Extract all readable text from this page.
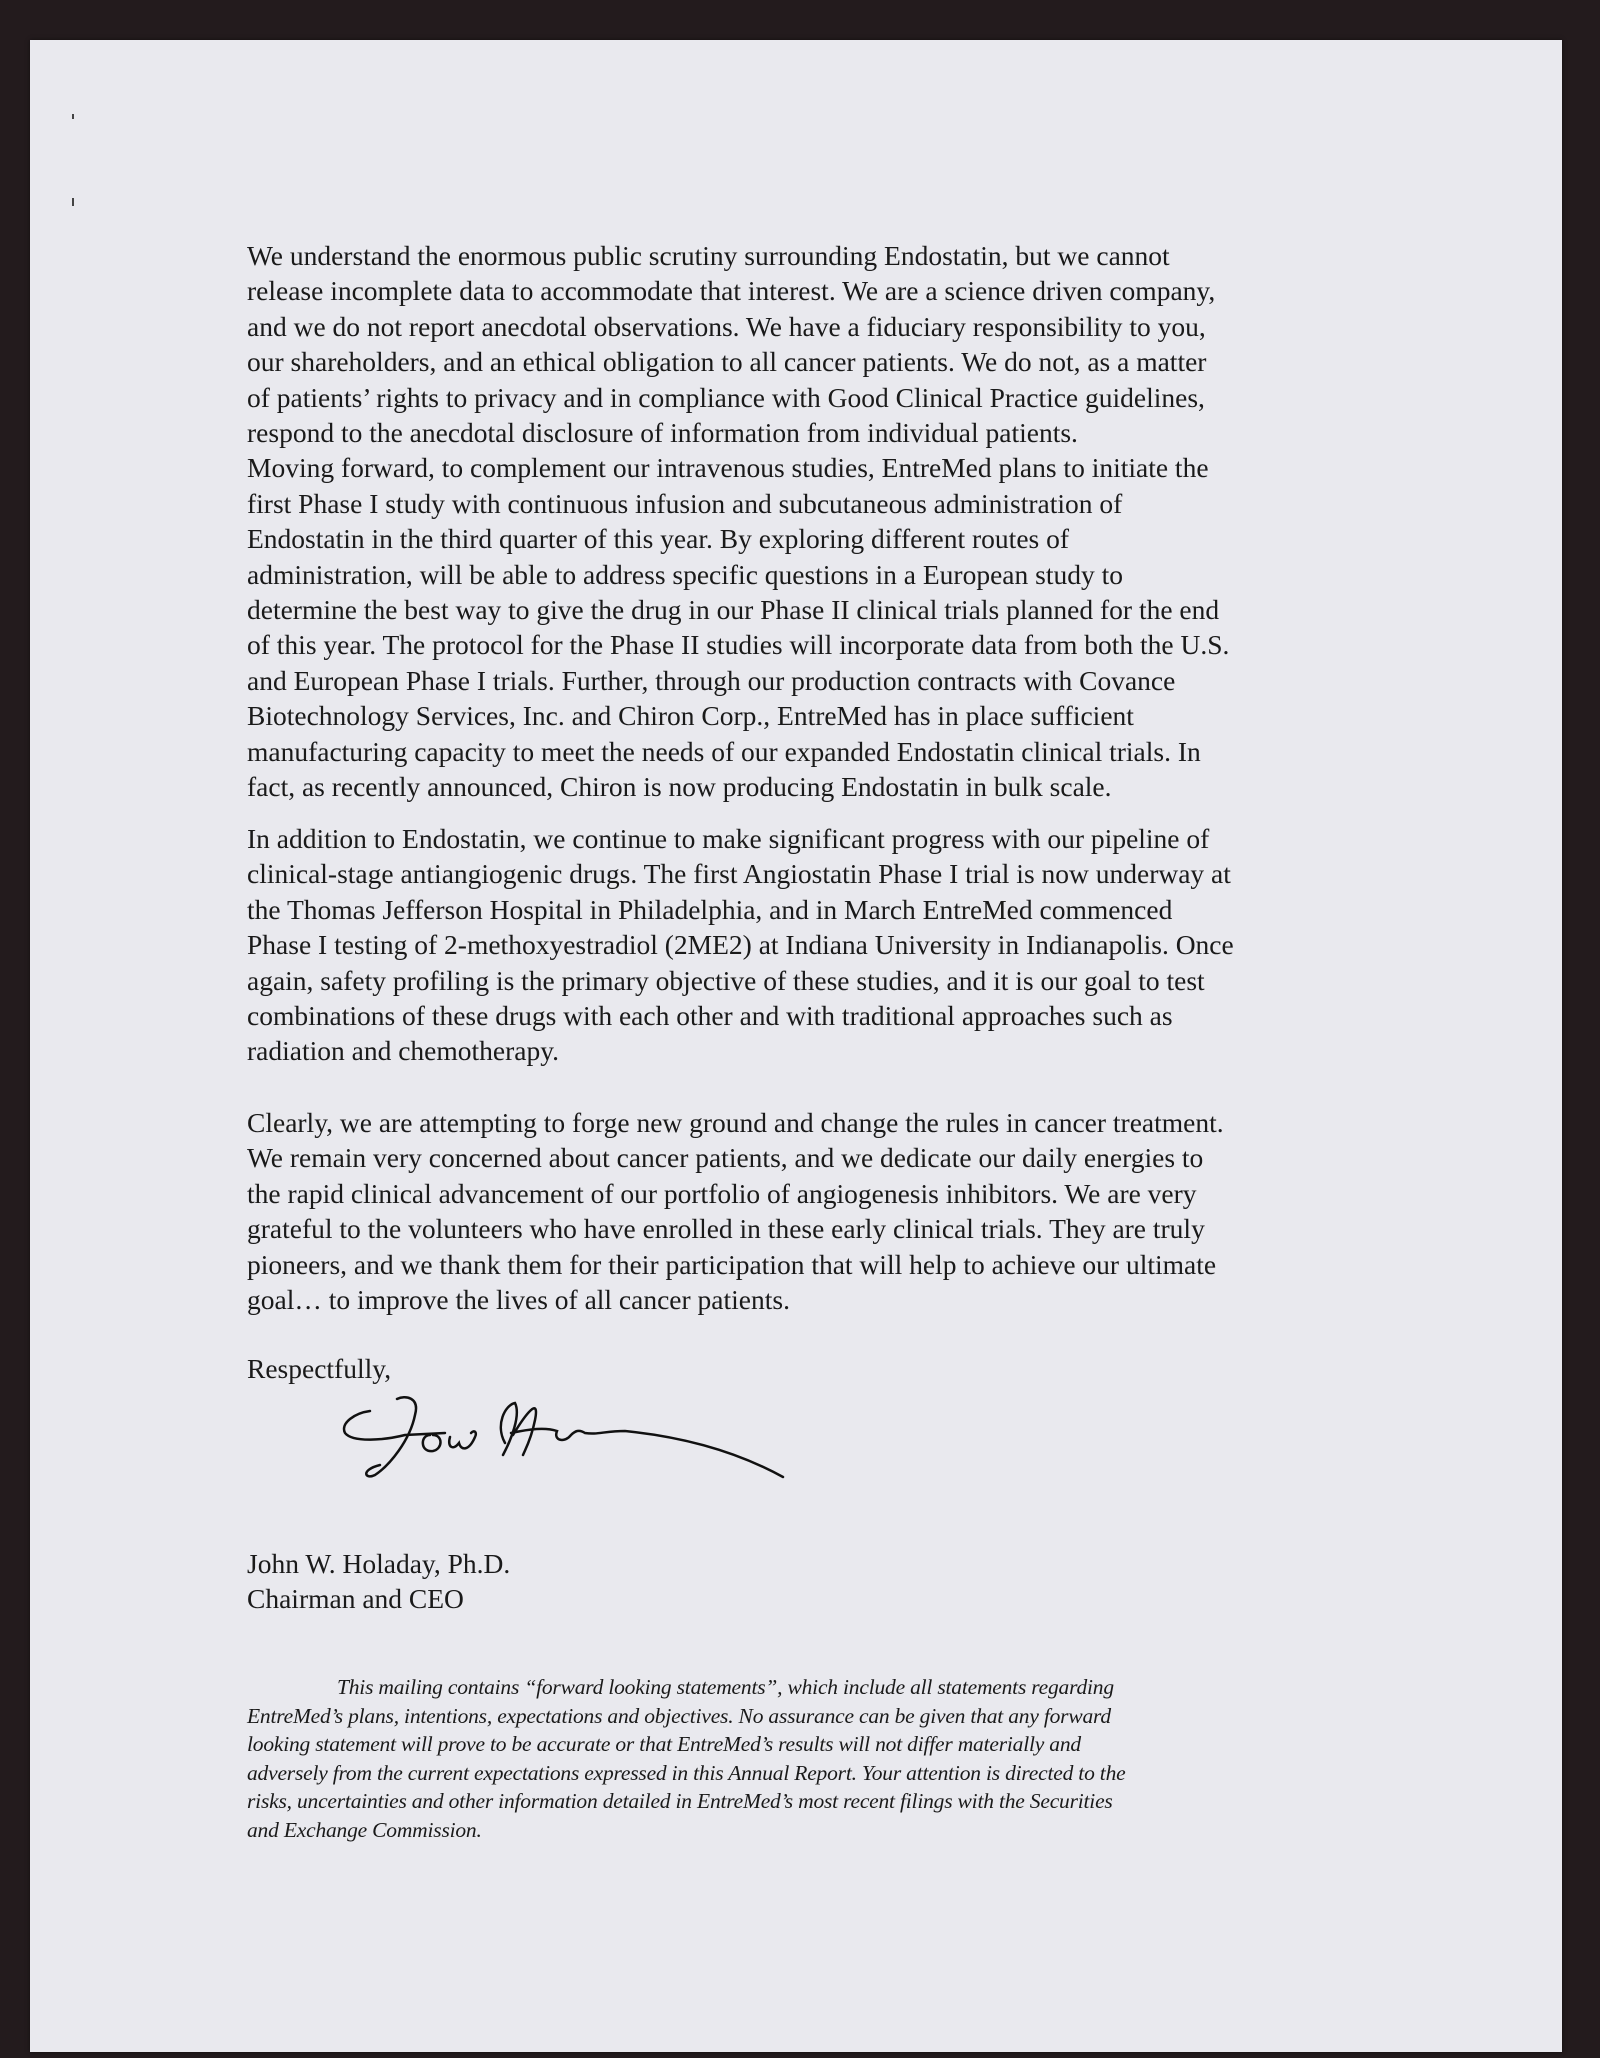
We understand the enormous public scrutiny surrounding Endostatin, but we cannot
release incomplete data to accommodate that interest. We are a science driven company,
and we do not report anecdotal observations. We have a fiduciary responsibility to you,
our shareholders, and an ethical obligation to all cancer patients. We do not, as a matter
of patients’ rights to privacy and in compliance with Good Clinical Practice guidelines,
respond to the anecdotal disclosure of information from individual patients.
Moving forward, to complement our intravenous studies, EntreMed plans to initiate the
first Phase I study with continuous infusion and subcutaneous administration of
Endostatin in the third quarter of this year. By exploring different routes of
administration, will be able to address specific questions in a European study to
determine the best way to give the drug in our Phase II clinical trials planned for the end
of this year. The protocol for the Phase II studies will incorporate data from both the U.S.
and European Phase I trials. Further, through our production contracts with Covance
Biotechnology Services, Inc. and Chiron Corp., EntreMed has in place sufficient
manufacturing capacity to meet the needs of our expanded Endostatin clinical trials. In
fact, as recently announced, Chiron is now producing Endostatin in bulk scale.
In addition to Endostatin, we continue to make significant progress with our pipeline of
clinical-stage antiangiogenic drugs. The first Angiostatin Phase I trial is now underway at
the Thomas Jefferson Hospital in Philadelphia, and in March EntreMed commenced
Phase I testing of 2-methoxyestradiol (2ME2) at Indiana University in Indianapolis. Once
again, safety profiling is the primary objective of these studies, and it is our goal to test
combinations of these drugs with each other and with traditional approaches such as
radiation and chemotherapy.
Clearly, we are attempting to forge new ground and change the rules in cancer treatment.
We remain very concerned about cancer patients, and we dedicate our daily energies to
the rapid clinical advancement of our portfolio of angiogenesis inhibitors. We are very
grateful to the volunteers who have enrolled in these early clinical trials. They are truly
pioneers, and we thank them for their participation that will help to achieve our ultimate
goal… to improve the lives of all cancer patients.
Respectfully,
John W. Holaday, Ph.D.
Chairman and CEO
This mailing contains “forward looking statements”, which include all statements regarding
EntreMed’s plans, intentions, expectations and objectives. No assurance can be given that any forward
looking statement will prove to be accurate or that EntreMed’s results will not differ materially and
adversely from the current expectations expressed in this Annual Report. Your attention is directed to the
risks, uncertainties and other information detailed in EntreMed’s most recent filings with the Securities
and Exchange Commission.
